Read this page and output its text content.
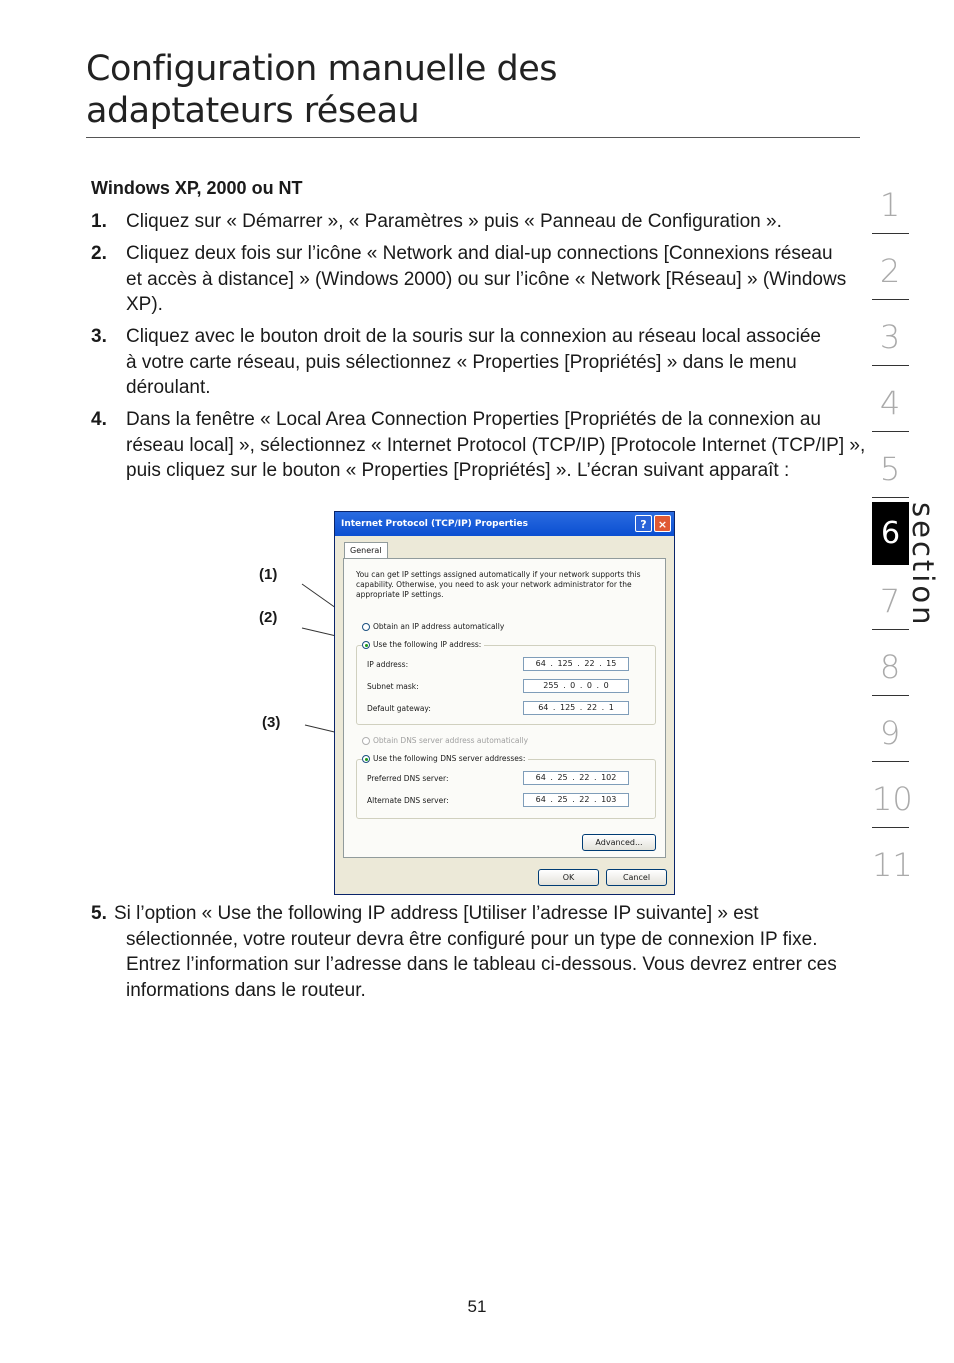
Configuration manuelle des
adaptateurs réseau
Windows XP, 2000 ou NT
1.	Cliquez sur « Démarrer », « Paramètres » puis « Panneau de Configuration ».
2.	Cliquez deux fois sur l’icône « Network and dial-up connections [Connexions réseau et accès à distance] » (Windows 2000) ou sur l’icône « Network [Réseau] » (Windows XP).
3.	Cliquez avec le bouton droit de la souris sur la connexion au réseau local associée à votre carte réseau, puis sélectionnez « Properties [Propriétés] » dans le menu déroulant.
4.	Dans la fenêtre « Local Area Connection Properties [Propriétés de la connexion au réseau local] », sélectionnez « Internet Protocol (TCP/IP) [Protocole Internet (TCP/IP] », puis cliquez sur le bouton « Properties [Propriétés] ». L’écran suivant apparaît :
5. Si l’option « Use the following IP address [Utiliser l’adresse IP suivante] » est sélectionnée, votre routeur devra être configuré pour un type de connexion IP fixe. Entrez l’information sur l’adresse dans le tableau ci-dessous. Vous devrez entrer ces informations dans le routeur.
(1)
(2)
(3)
Internet Protocol (TCP/IP) Properties	?	×
General
You can get IP settings assigned automatically if your network supports this capability. Otherwise, you need to ask your network administrator for the appropriate IP settings.
Obtain an IP address automatically
IP address:	64 . 125 . 22 . 15
Subnet mask:	255 . 0 . 0 . 0
Default gateway:	64 . 125 . 22 . 1
Use the following IP address:
Obtain DNS server address automatically
Preferred DNS server:	64 . 25 . 22 . 102
Alternate DNS server:	64 . 25 . 22 . 103
Use the following DNS server addresses:
Advanced...
OK	Cancel
1
2
3
4
5
6
7
8
9
10
11
section
51
